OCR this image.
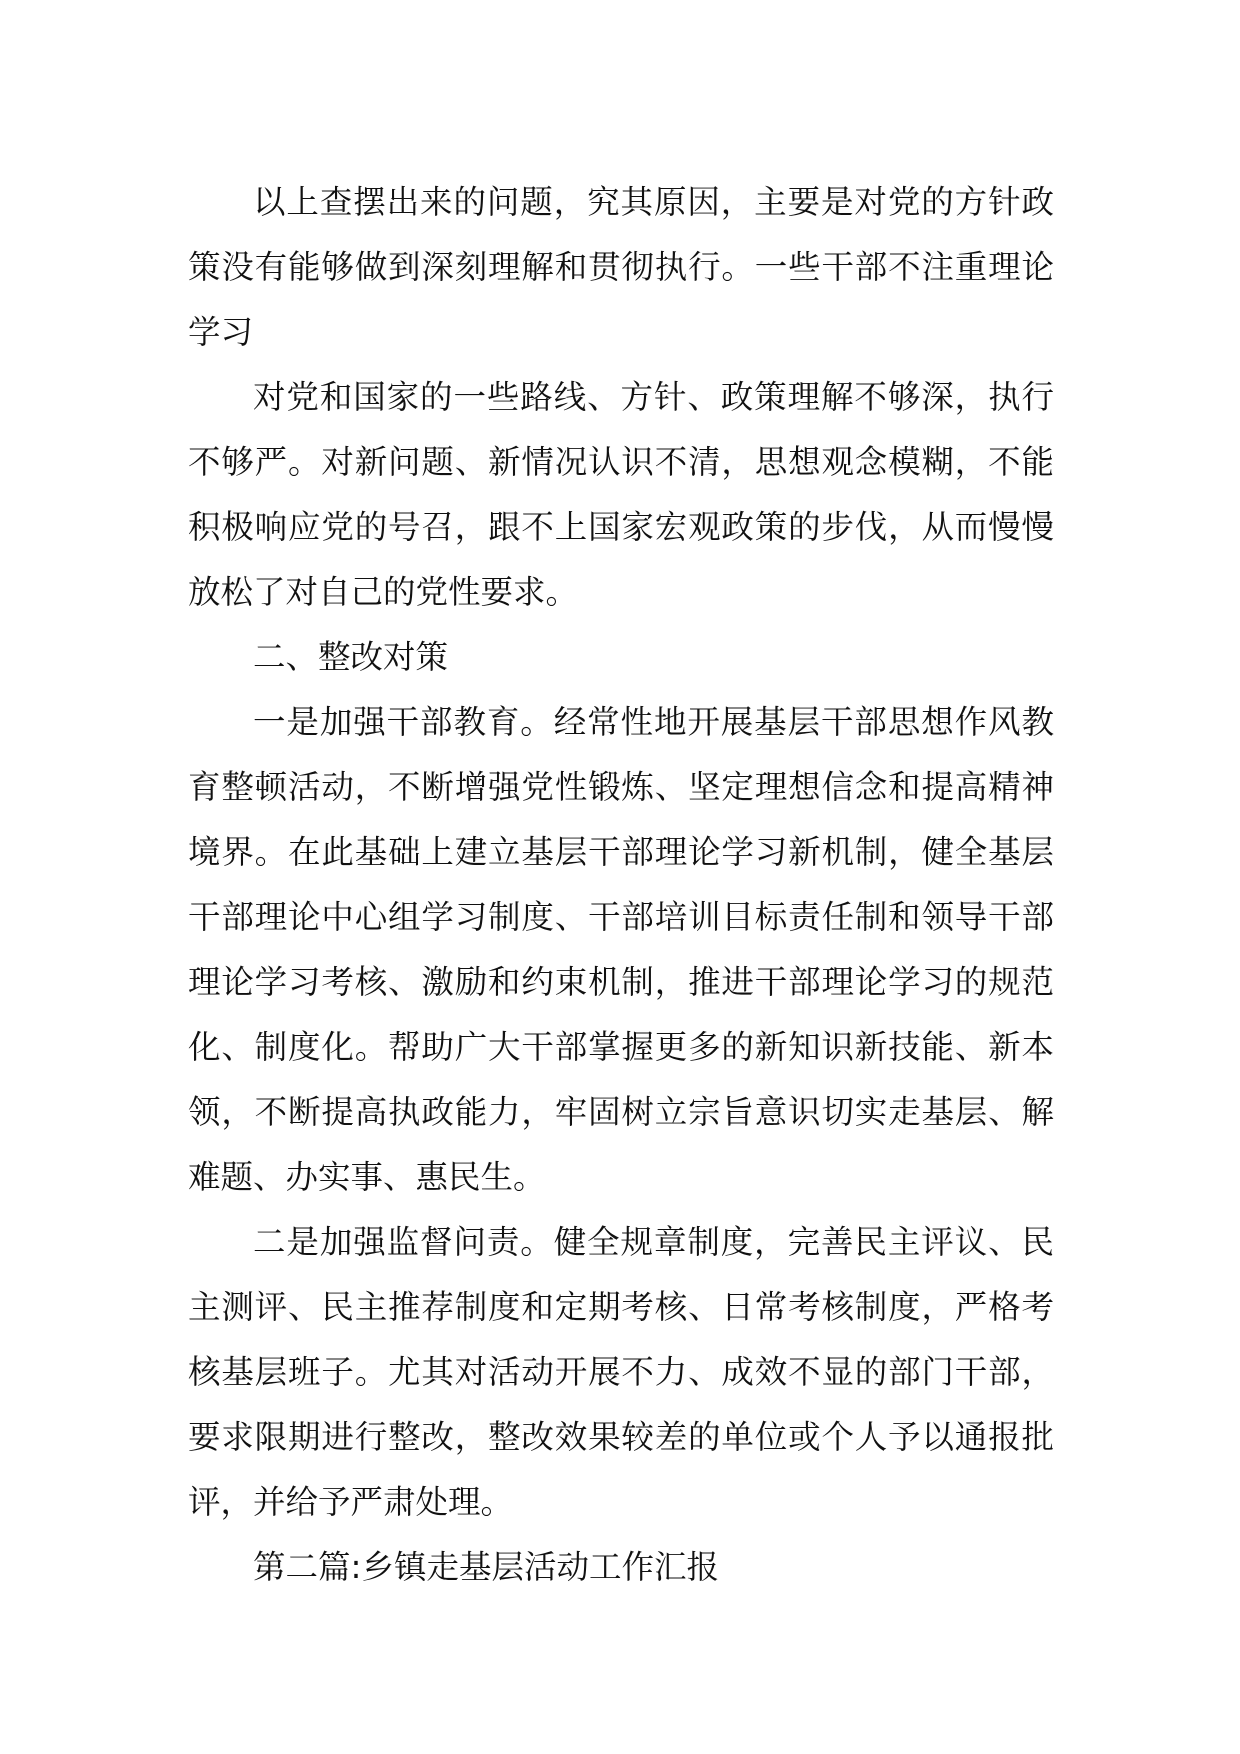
以上查摆出来的问题，究其原因，主要是对党的方针政策没有能够做到深刻理解和贯彻执行。一些干部不注重理论学习

对党和国家的一些路线、方针、政策理解不够深，执行不够严。对新问题、新情况认识不清，思想观念模糊，不能积极响应党的号召，跟不上国家宏观政策的步伐，从而慢慢放松了对自己的党性要求。

二、整改对策

一是加强干部教育。经常性地开展基层干部思想作风教育整顿活动，不断增强党性锻炼、坚定理想信念和提高精神境界。在此基础上建立基层干部理论学习新机制，健全基层干部理论中心组学习制度、干部培训目标责任制和领导干部理论学习考核、激励和约束机制，推进干部理论学习的规范化、制度化。帮助广大干部掌握更多的新知识新技能、新本领，不断提高执政能力，牢固树立宗旨意识切实走基层、解难题、办实事、惠民生。

二是加强监督问责。健全规章制度，完善民主评议、民主测评、民主推荐制度和定期考核、日常考核制度，严格考核基层班子。尤其对活动开展不力、成效不显的部门干部，要求限期进行整改，整改效果较差的单位或个人予以通报批评，并给予严肃处理。

第二篇:乡镇走基层活动工作汇报
